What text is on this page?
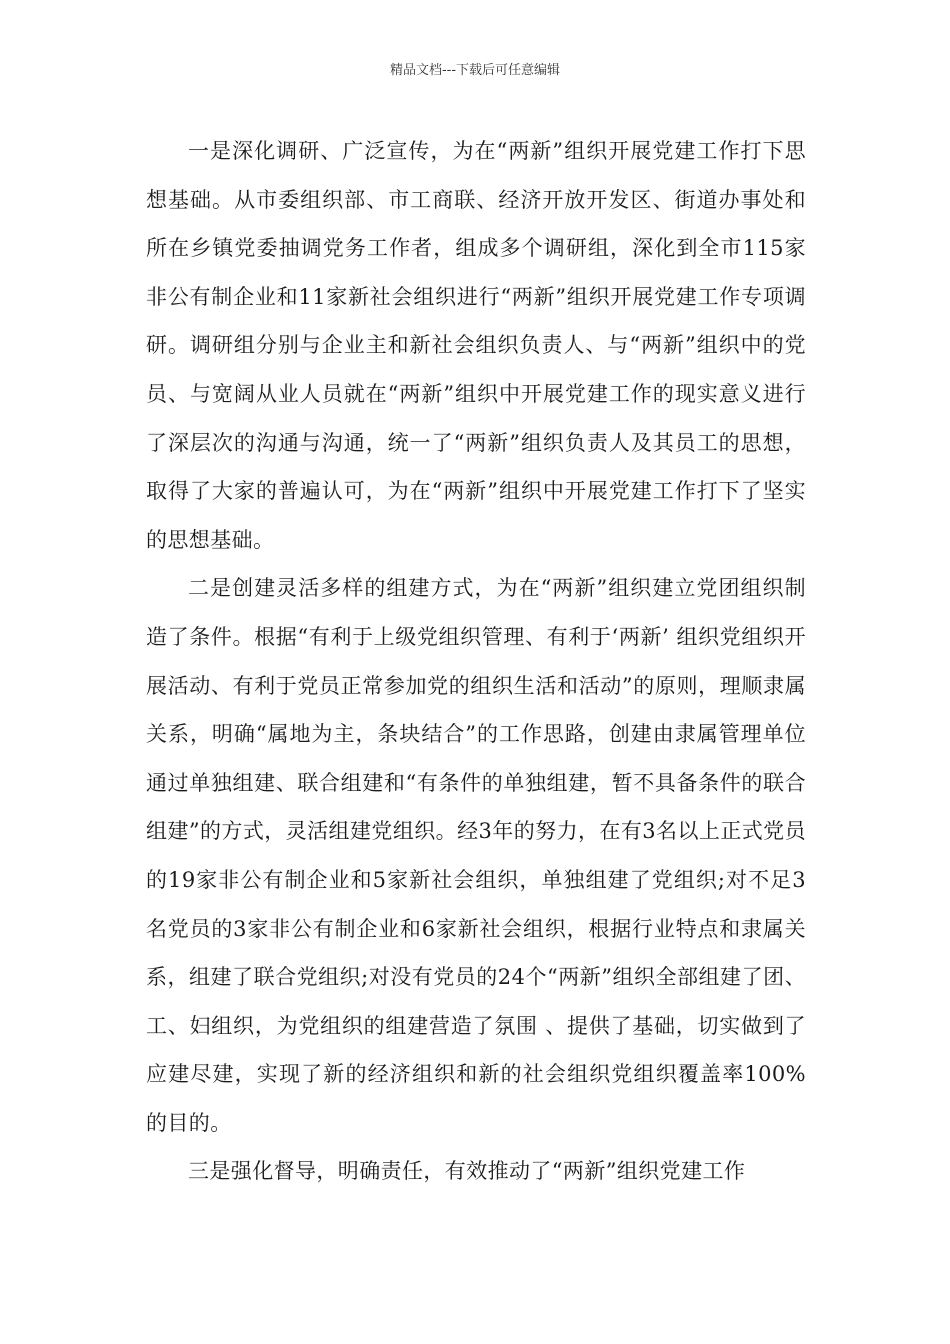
精品文档---下载后可任意编辑

一是深化调研、广泛宣传，为在“两新”组织开展党建工作打下思想基础。从市委组织部、市工商联、经济开放开发区、街道办事处和所在乡镇党委抽调党务工作者，组成多个调研组，深化到全市115家非公有制企业和11家新社会组织进行“两新”组织开展党建工作专项调研。调研组分别与企业主和新社会组织负责人、与“两新”组织中的党员、与宽阔从业人员就在“两新”组织中开展党建工作的现实意义进行了深层次的沟通与沟通，统一了“两新”组织负责人及其员工的思想，取得了大家的普遍认可，为在“两新”组织中开展党建工作打下了坚实的思想基础。

二是创建灵活多样的组建方式，为在“两新”组织建立党团组织制造了条件。根据“有利于上级党组织管理、有利于‘两新’ 组织党组织开展活动、有利于党员正常参加党的组织生活和活动”的原则，理顺隶属关系，明确“属地为主，条块结合”的工作思路，创建由隶属管理单位通过单独组建、联合组建和“有条件的单独组建，暂不具备条件的联合组建”的方式，灵活组建党组织。经3年的努力，在有3名以上正式党员的19家非公有制企业和5家新社会组织，单独组建了党组织;对不足3名党员的3家非公有制企业和6家新社会组织，根据行业特点和隶属关系，组建了联合党组织;对没有党员的24个“两新”组织全部组建了团、工、妇组织，为党组织的组建营造了氛围 、提供了基础，切实做到了应建尽建，实现了新的经济组织和新的社会组织党组织覆盖率100%的目的。

三是强化督导，明确责任，有效推动了“两新”组织党建工作
